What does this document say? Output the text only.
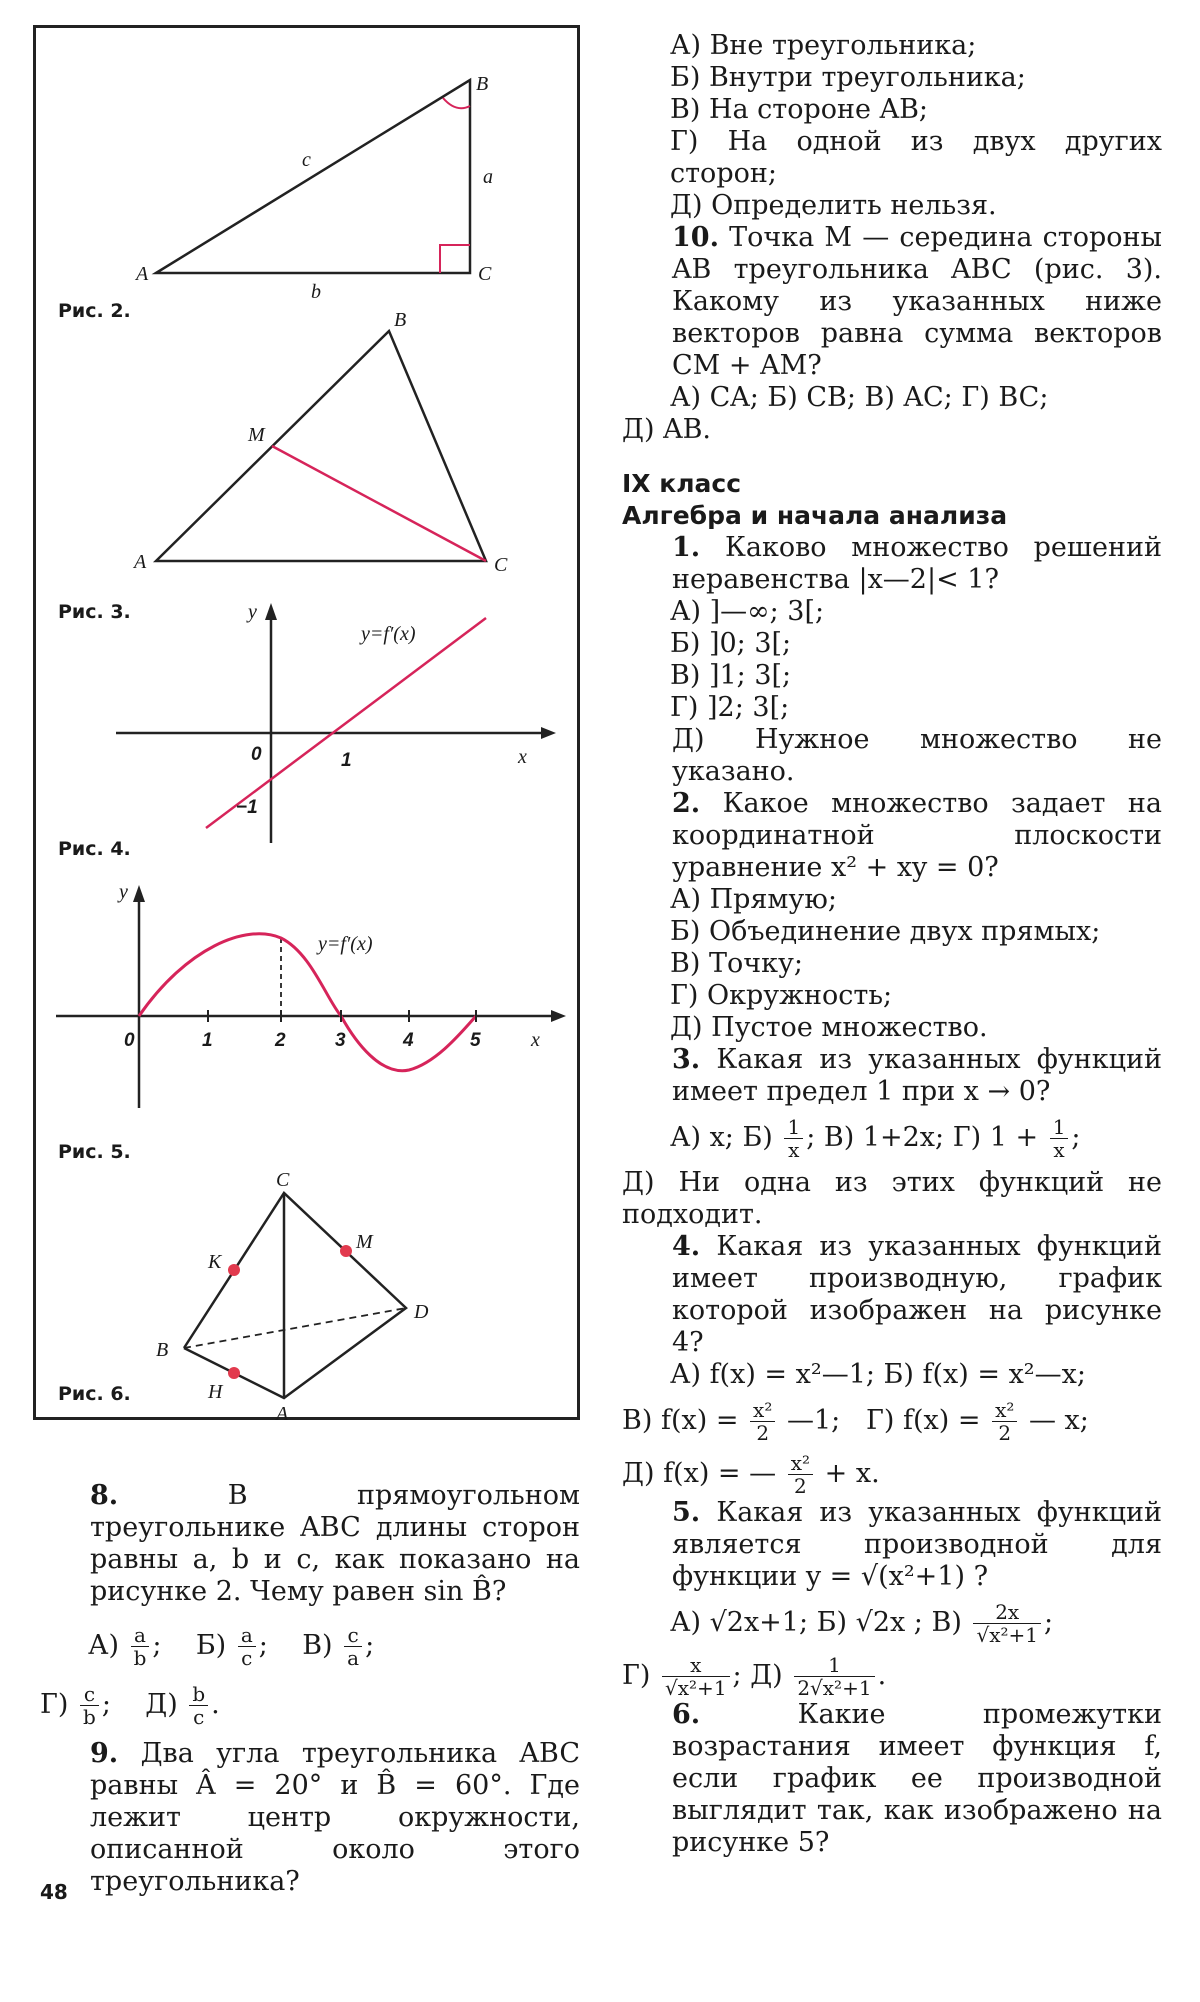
A
B
C
a
b
c
Рис. 2.
A
B
C
M
Рис. 3.	y
x
y=f′(x)
0	1
−1
Рис. 4.
y
x
y=f′(x)
0	1	2	3	4	5
Рис. 5.
C
B
D
A
K
M
H
Рис. 6.

8.	В прямоугольном треугольнике ABC длины сторон равны a, b и c, как показано на рисунке 2. Чему равен sin B̂?

$А) \frac{a}{b}$ ; $Б) \frac{a}{c}$ ; $В) \frac{c}{a}$ ;

$Г) \frac{c}{b}$ ; $Д) \frac{b}{c}$ .

9. Два угла треугольника ABC равны Â = 20° и B̂ = 60°. Где лежит центр окружности, описанной около этого треугольника?

48

А) Вне треугольника;

Б) Внутри треугольника;

В) На стороне AB;

Г) На одной из двух других сторон;

Д) Определить нельзя.

10. Точка M — середина стороны AB треугольника ABC (рис. 3). Какому из указанных ниже векторов равна сумма векторов CM + AM?

А) CA; Б) CB; В) AC; Г) BC;

Д) AB.

IX класс

Алгебра и начала анализа

1. Каково множество решений неравенства |x—2|< 1?

А) ]—∞; 3[;

Б) ]0; 3[;

В) ]1; 3[;

Г) ]2; 3[;

Д) Нужное множество не указано.

2. Какое множество задает на координатной плоскости уравнение x² + xy = 0?

А) Прямую;

Б) Объединение двух прямых;

В) Точку;

Г) Окружность;

Д) Пустое множество.

3. Какая из указанных функций имеет предел 1 при x → 0?

А) x; $Б) \frac{1}{x}$ ; В) 1+2x; Г) $1 + \frac{1}{x}$ ;

Д) Ни одна из этих функций не подходит.

4. Какая из указанных функций имеет производную, график которой изображен на рисунке 4?

А) f(x) = x²—1; Б) f(x) = x²—x;

В) $f(x) = \frac{\text{x²}}{2}$ —1; Г) $f(x) = \frac{\text{x²}}{2}$ — x;

Д) f(x) = — $\frac{\text{x²}}{2} + x$.

5. Какая из указанных функций является производной для функции y = √(x²+1) ?

А) √2x+1; Б) √2x ; $В) \frac{2x}{\text{√x²+1}}$ ;

$Г) \frac{x}{\text{√x²+1}}$ ; $Д) \frac{1}{\text{2√x²+1}}$ .

6.	Какие промежутки возрастания имеет функция f, если график ее производной выглядит так, как изображено на рисунке 5?
